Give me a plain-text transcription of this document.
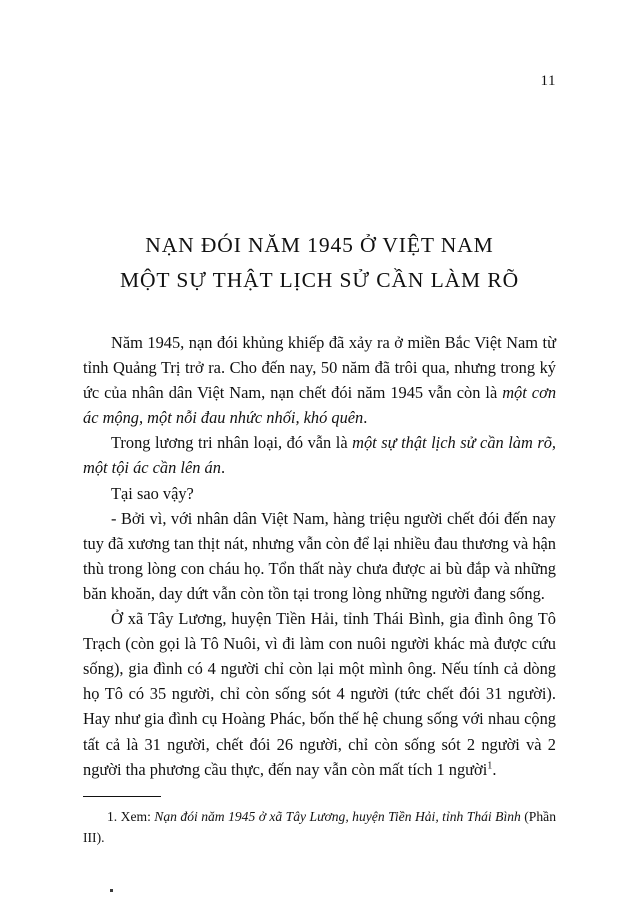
11
NẠN ĐÓI NĂM 1945 Ở VIỆT NAM
MỘT SỰ THẬT LỊCH SỬ CẦN LÀM RÕ

Năm 1945, nạn đói khủng khiếp đã xảy ra ở miền Bắc Việt Nam từ tỉnh Quảng Trị trở ra. Cho đến nay, 50 năm đã trôi qua, nhưng trong ký ức của nhân dân Việt Nam, nạn chết đói năm 1945 vẫn còn là một cơn ác mộng, một nỗi đau nhức nhối, khó quên.

Trong lương tri nhân loại, đó vẫn là một sự thật lịch sử cần làm rõ, một tội ác cần lên án.

Tại sao vậy?

- Bởi vì, với nhân dân Việt Nam, hàng triệu người chết đói đến nay tuy đã xương tan thịt nát, nhưng vẫn còn để lại nhiều đau thương và hận thù trong lòng con cháu họ. Tổn thất này chưa được ai bù đắp và những băn khoăn, day dứt vẫn còn tồn tại trong lòng những người đang sống.

Ở xã Tây Lương, huyện Tiền Hải, tỉnh Thái Bình, gia đình ông Tô Trạch (còn gọi là Tô Nuôi, vì đi làm con nuôi người khác mà được cứu sống), gia đình có 4 người chỉ còn lại một mình ông. Nếu tính cả dòng họ Tô có 35 người, chỉ còn sống sót 4 người (tức chết đói 31 người). Hay như gia đình cụ Hoàng Phác, bốn thế hệ chung sống với nhau cộng tất cả là 31 người, chết đói 26 người, chỉ còn sống sót 2 người và 2 người tha phương cầu thực, đến nay vẫn còn mất tích 1 người$^1$.

1. Xem: Nạn đói năm 1945 ở xã Tây Lương, huyện Tiền Hải, tỉnh Thái Bình (Phần III).
